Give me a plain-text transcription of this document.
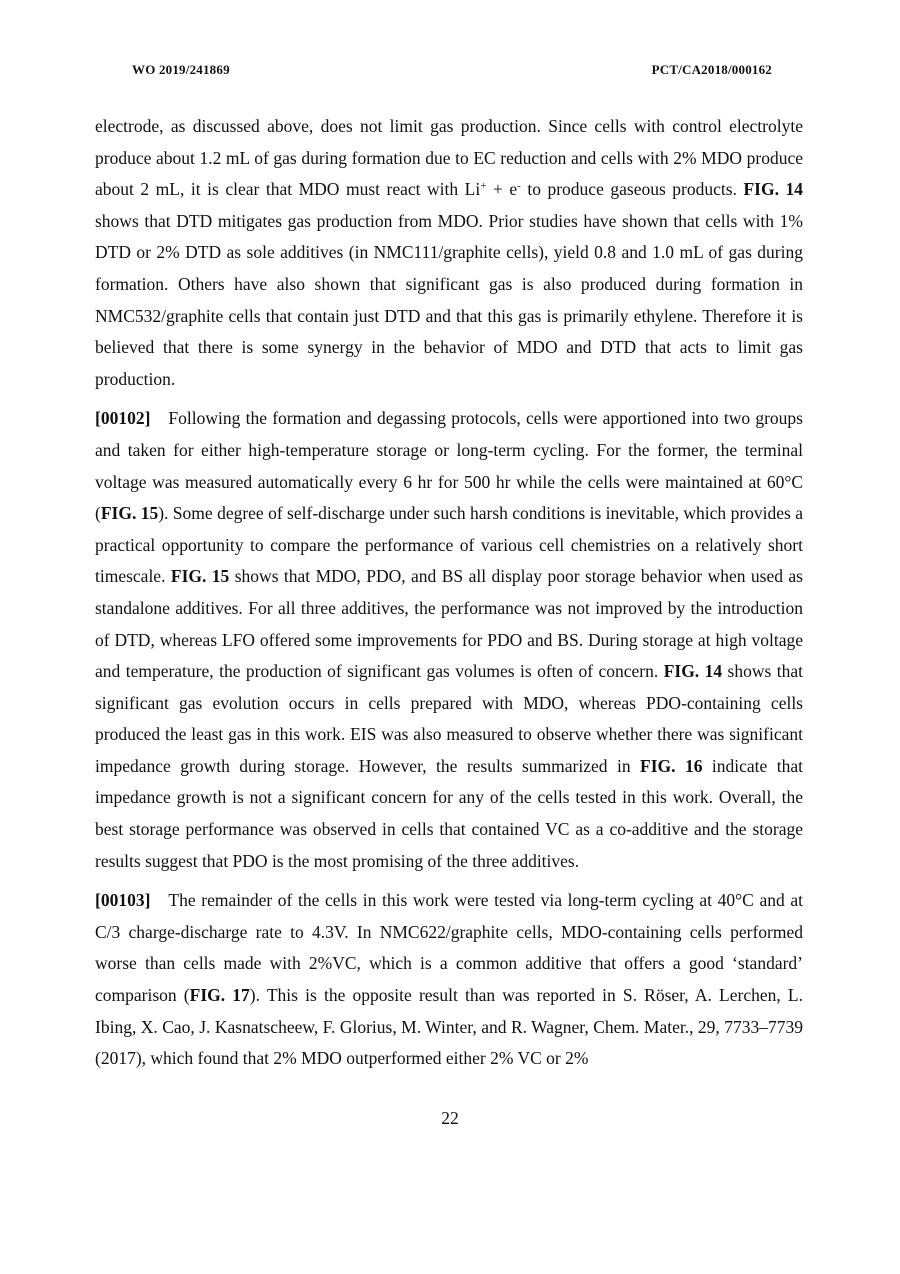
WO 2019/241869	PCT/CA2018/000162

electrode, as discussed above, does not limit gas production. Since cells with control electrolyte produce about 1.2 mL of gas during formation due to EC reduction and cells with 2% MDO produce about 2 mL, it is clear that MDO must react with Li+ + e- to produce gaseous products. FIG. 14 shows that DTD mitigates gas production from MDO. Prior studies have shown that cells with 1% DTD or 2% DTD as sole additives (in NMC111/graphite cells), yield 0.8 and 1.0 mL of gas during formation. Others have also shown that significant gas is also produced during formation in NMC532/graphite cells that contain just DTD and that this gas is primarily ethylene. Therefore it is believed that there is some synergy in the behavior of MDO and DTD that acts to limit gas production.

[00102] Following the formation and degassing protocols, cells were apportioned into two groups and taken for either high-temperature storage or long-term cycling. For the former, the terminal voltage was measured automatically every 6 hr for 500 hr while the cells were maintained at 60°C (FIG. 15). Some degree of self-discharge under such harsh conditions is inevitable, which provides a practical opportunity to compare the performance of various cell chemistries on a relatively short timescale. FIG. 15 shows that MDO, PDO, and BS all display poor storage behavior when used as standalone additives. For all three additives, the performance was not improved by the introduction of DTD, whereas LFO offered some improvements for PDO and BS. During storage at high voltage and temperature, the production of significant gas volumes is often of concern. FIG. 14 shows that significant gas evolution occurs in cells prepared with MDO, whereas PDO-containing cells produced the least gas in this work. EIS was also measured to observe whether there was significant impedance growth during storage. However, the results summarized in FIG. 16 indicate that impedance growth is not a significant concern for any of the cells tested in this work. Overall, the best storage performance was observed in cells that contained VC as a co-additive and the storage results suggest that PDO is the most promising of the three additives.

[00103] The remainder of the cells in this work were tested via long-term cycling at 40°C and at C/3 charge-discharge rate to 4.3V. In NMC622/graphite cells, MDO-containing cells performed worse than cells made with 2%VC, which is a common additive that offers a good ‘standard’ comparison (FIG. 17). This is the opposite result than was reported in S. Röser, A. Lerchen, L. Ibing, X. Cao, J. Kasnatscheew, F. Glorius, M. Winter, and R. Wagner, Chem. Mater., 29, 7733–7739 (2017), which found that 2% MDO outperformed either 2% VC or 2%

22
